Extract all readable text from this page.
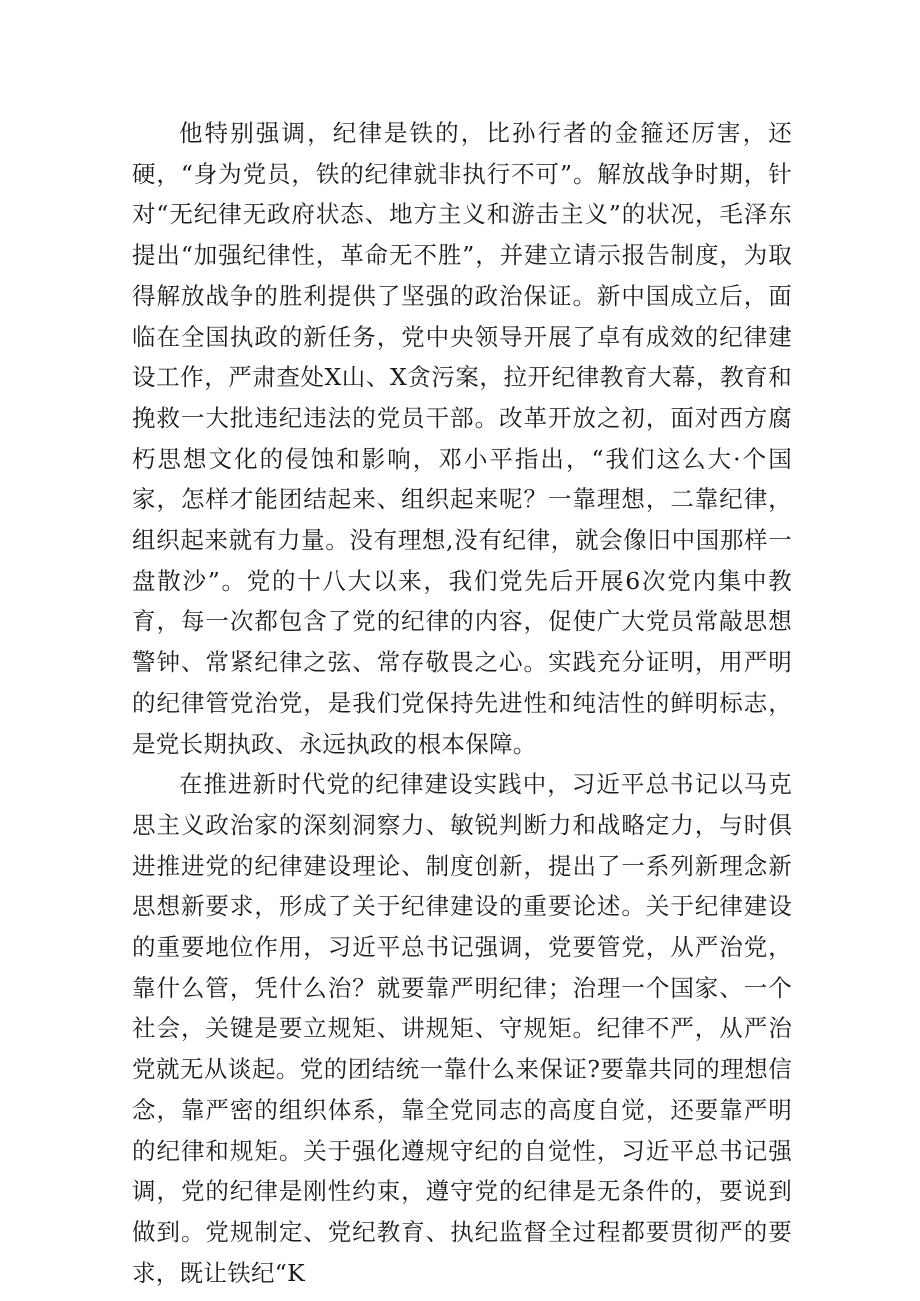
他特别强调，纪律是铁的，比孙行者的金箍还厉害，还硬，“身为党员，铁的纪律就非执行不可”。解放战争时期，针对“无纪律无政府状态、地方主义和游击主义”的状况，毛泽东提出“加强纪律性，革命无不胜”，并建立请示报告制度，为取得解放战争的胜利提供了坚强的政治保证。新中国成立后，面临在全国执政的新任务，党中央领导开展了卓有成效的纪律建设工作，严肃查处X山、X贪污案，拉开纪律教育大幕，教育和挽救一大批违纪违法的党员干部。改革开放之初，面对西方腐朽思想文化的侵蚀和影响，邓小平指出，“我们这么大·个国家，怎样才能团结起来、组织起来呢？一靠理想，二靠纪律，组织起来就有力量。没有理想,没有纪律，就会像旧中国那样一盘散沙”。党的十八大以来，我们党先后开展6次党内集中教育，每一次都包含了党的纪律的内容，促使广大党员常敲思想警钟、常紧纪律之弦、常存敬畏之心。实践充分证明，用严明的纪律管党治党，是我们党保持先进性和纯洁性的鲜明标志，是党长期执政、永远执政的根本保障。

在推进新时代党的纪律建设实践中，习近平总书记以马克思主义政治家的深刻洞察力、敏锐判断力和战略定力，与时俱进推进党的纪律建设理论、制度创新，提出了一系列新理念新思想新要求，形成了关于纪律建设的重要论述。关于纪律建设的重要地位作用，习近平总书记强调，党要管党，从严治党，靠什么管，凭什么治？就要靠严明纪律；治理一个国家、一个社会，关键是要立规矩、讲规矩、守规矩。纪律不严，从严治党就无从谈起。党的团结统一靠什么来保证?要靠共同的理想信念，靠严密的组织体系，靠全党同志的高度自觉，还要靠严明的纪律和规矩。关于强化遵规守纪的自觉性，习近平总书记强调，党的纪律是刚性约束，遵守党的纪律是无条件的，要说到做到。党规制定、党纪教育、执纪监督全过程都要贯彻严的要求，既让铁纪“K
